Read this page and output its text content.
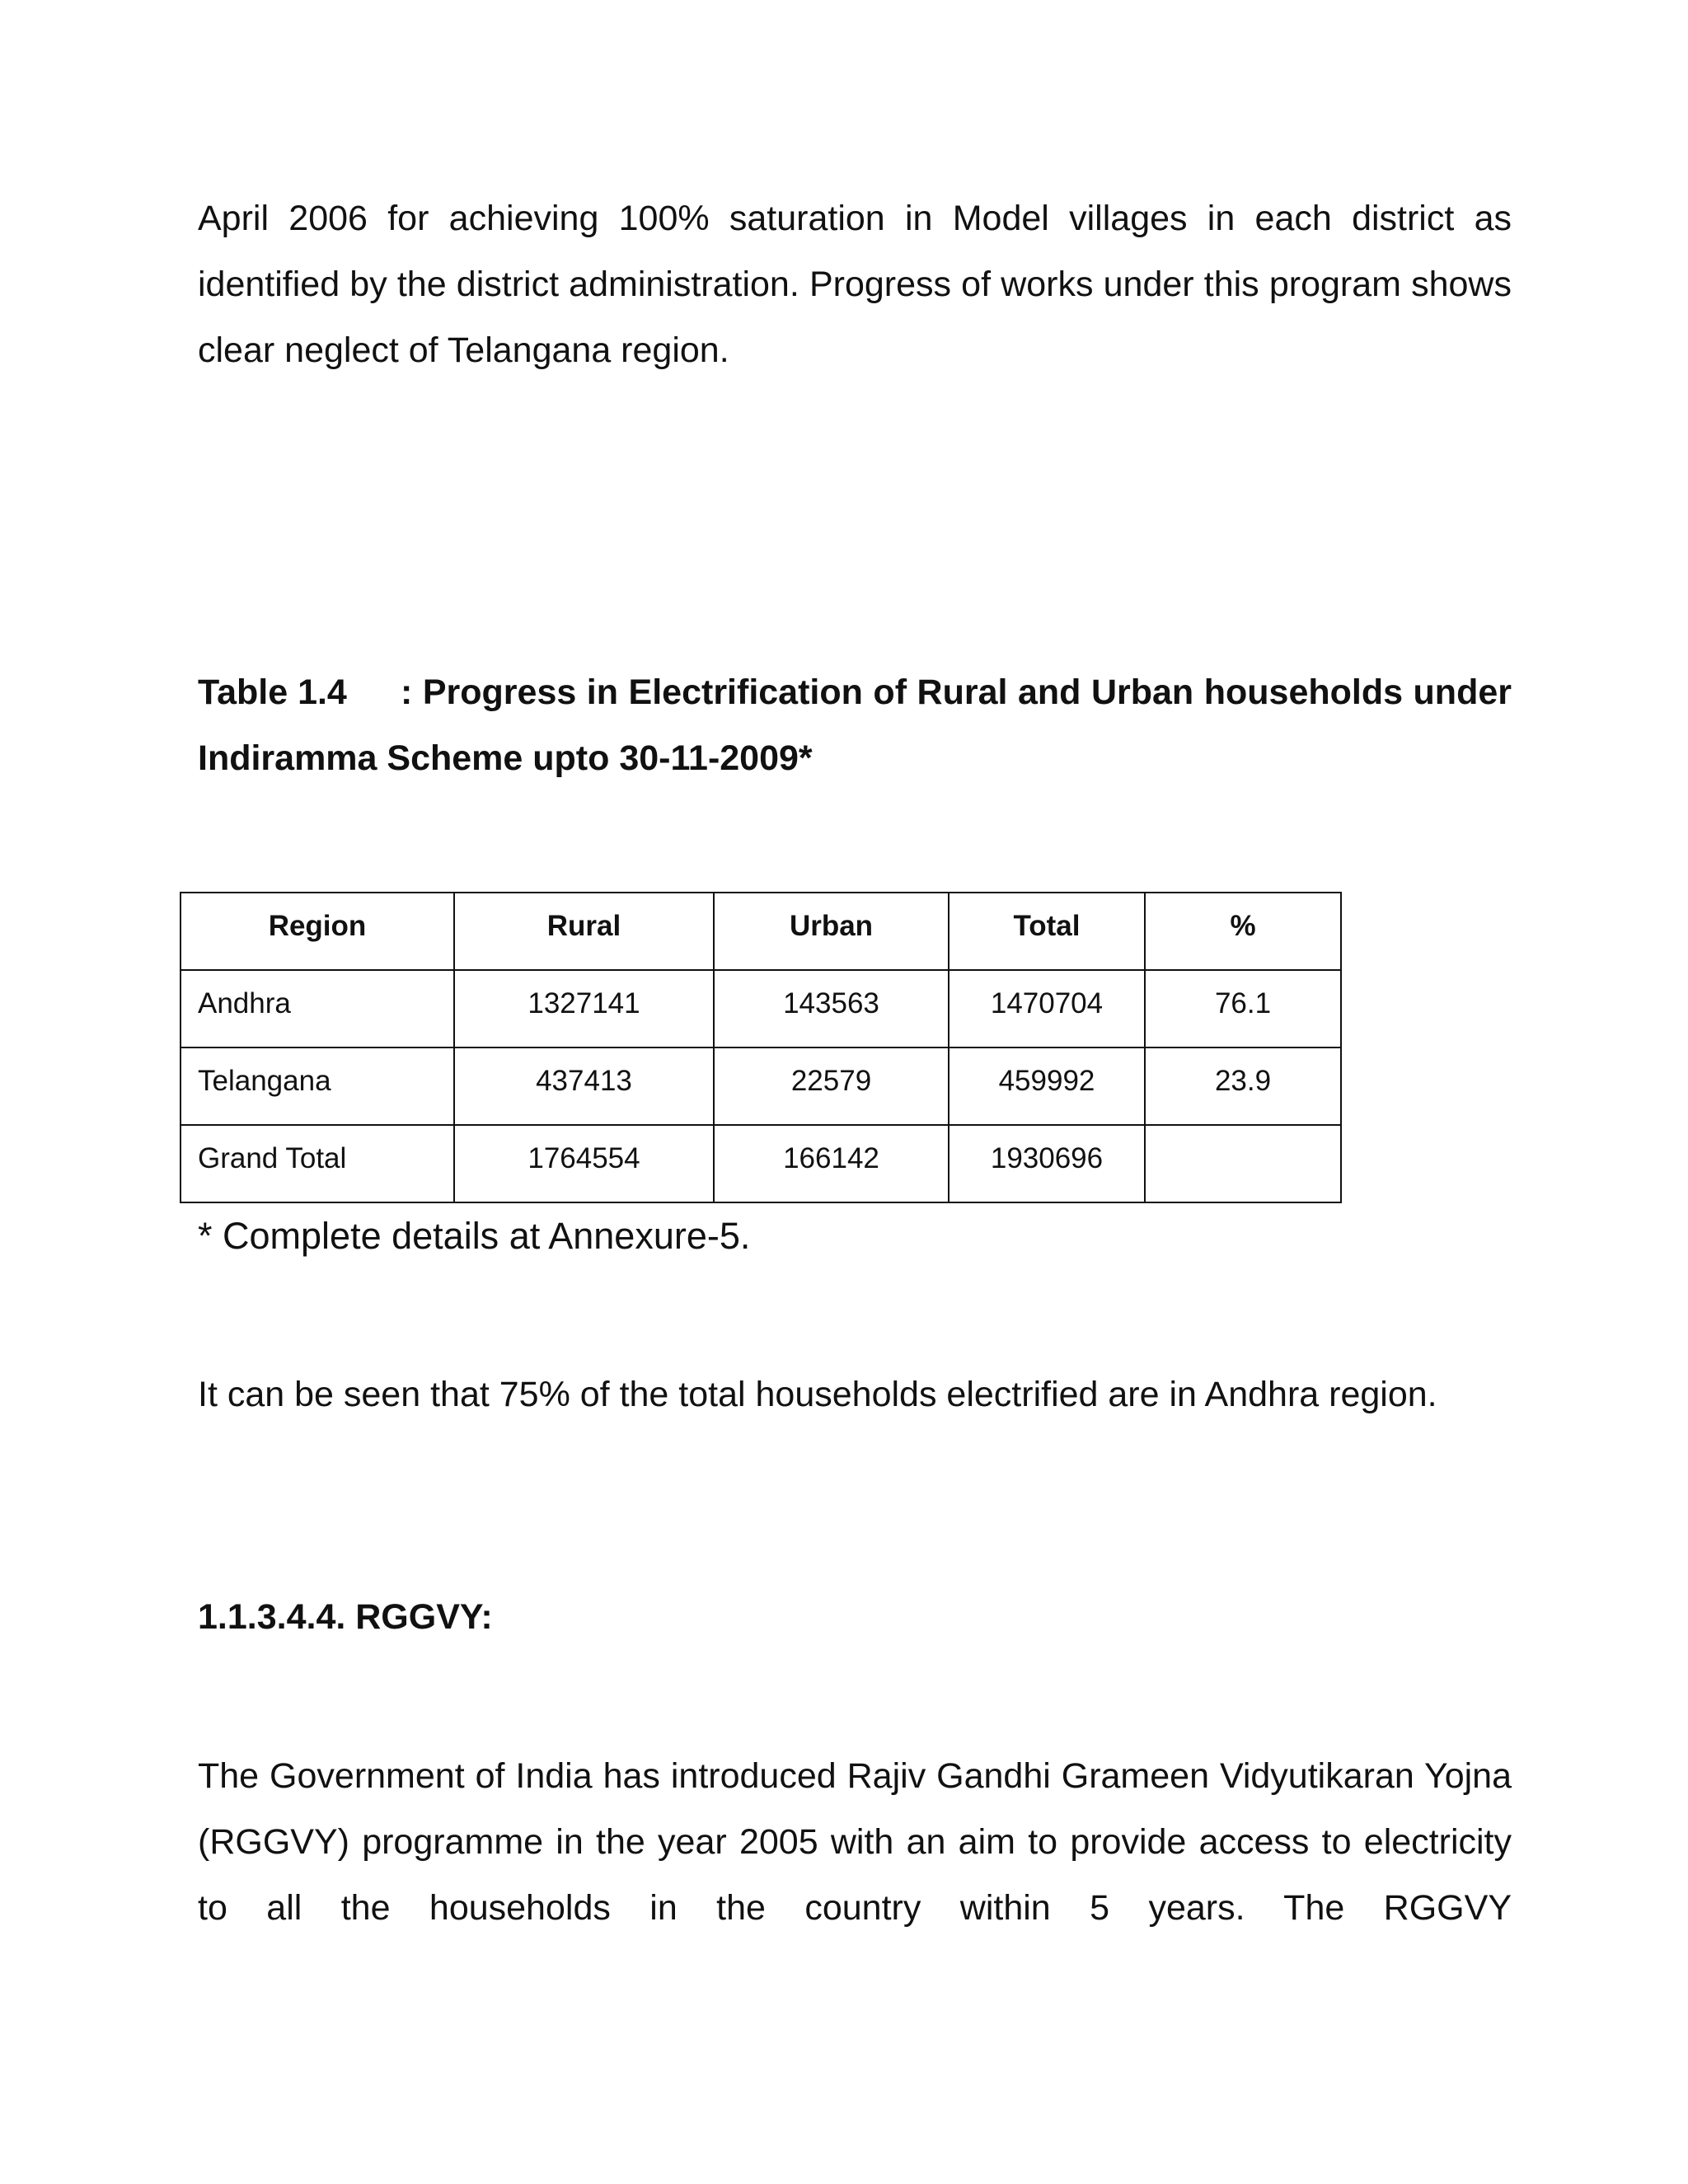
April 2006 for achieving 100% saturation in Model villages in each district as identified by the district administration. Progress of works under this program shows clear neglect of Telangana region.

Table 1.4 : Progress in Electrification of Rural and Urban households under Indiramma Scheme upto 30-11-2009*

Region	Rural	Urban	Total	%
Andhra	1327141	143563	1470704	76.1
Telangana	437413	22579	459992	23.9
Grand Total	1764554	166142	1930696	

* Complete details at Annexure-5.

It can be seen that 75% of the total households electrified are in Andhra region.

1.1.3.4.4. RGGVY:

The Government of India has introduced Rajiv Gandhi Grameen Vidyutikaran Yojna (RGGVY) programme in the year 2005 with an aim to provide access to electricity to all the households in the country within 5 years. The RGGVY
